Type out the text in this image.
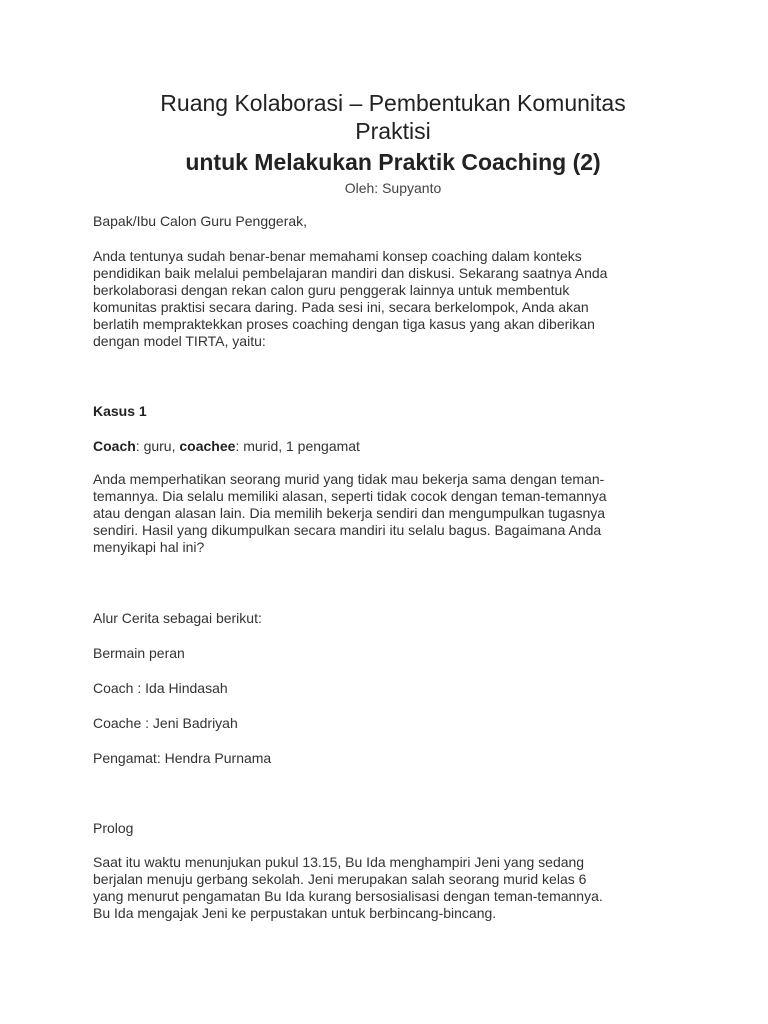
Ruang Kolaborasi – Pembentukan Komunitas
Praktisi
untuk Melakukan Praktik Coaching (2)
Oleh: Supyanto

Bapak/Ibu Calon Guru Penggerak,

Anda tentunya sudah benar-benar memahami konsep coaching dalam konteks
pendidikan baik melalui pembelajaran mandiri dan diskusi. Sekarang saatnya Anda
berkolaborasi dengan rekan calon guru penggerak lainnya untuk membentuk
komunitas praktisi secara daring. Pada sesi ini, secara berkelompok, Anda akan
berlatih mempraktekkan proses coaching dengan tiga kasus yang akan diberikan
dengan model TIRTA, yaitu:

Kasus 1

Coach: guru, coachee: murid, 1 pengamat

Anda memperhatikan seorang murid yang tidak mau bekerja sama dengan teman-
temannya. Dia selalu memiliki alasan, seperti tidak cocok dengan teman-temannya
atau dengan alasan lain. Dia memilih bekerja sendiri dan mengumpulkan tugasnya
sendiri. Hasil yang dikumpulkan secara mandiri itu selalu bagus. Bagaimana Anda
menyikapi hal ini?

Alur Cerita sebagai berikut:

Bermain peran

Coach : Ida Hindasah

Coache : Jeni Badriyah

Pengamat: Hendra Purnama

Prolog

Saat itu waktu menunjukan pukul 13.15, Bu Ida menghampiri Jeni yang sedang
berjalan menuju gerbang sekolah. Jeni merupakan salah seorang murid kelas 6
yang menurut pengamatan Bu Ida kurang bersosialisasi dengan teman-temannya.
Bu Ida mengajak Jeni ke perpustakan untuk berbincang-bincang.
